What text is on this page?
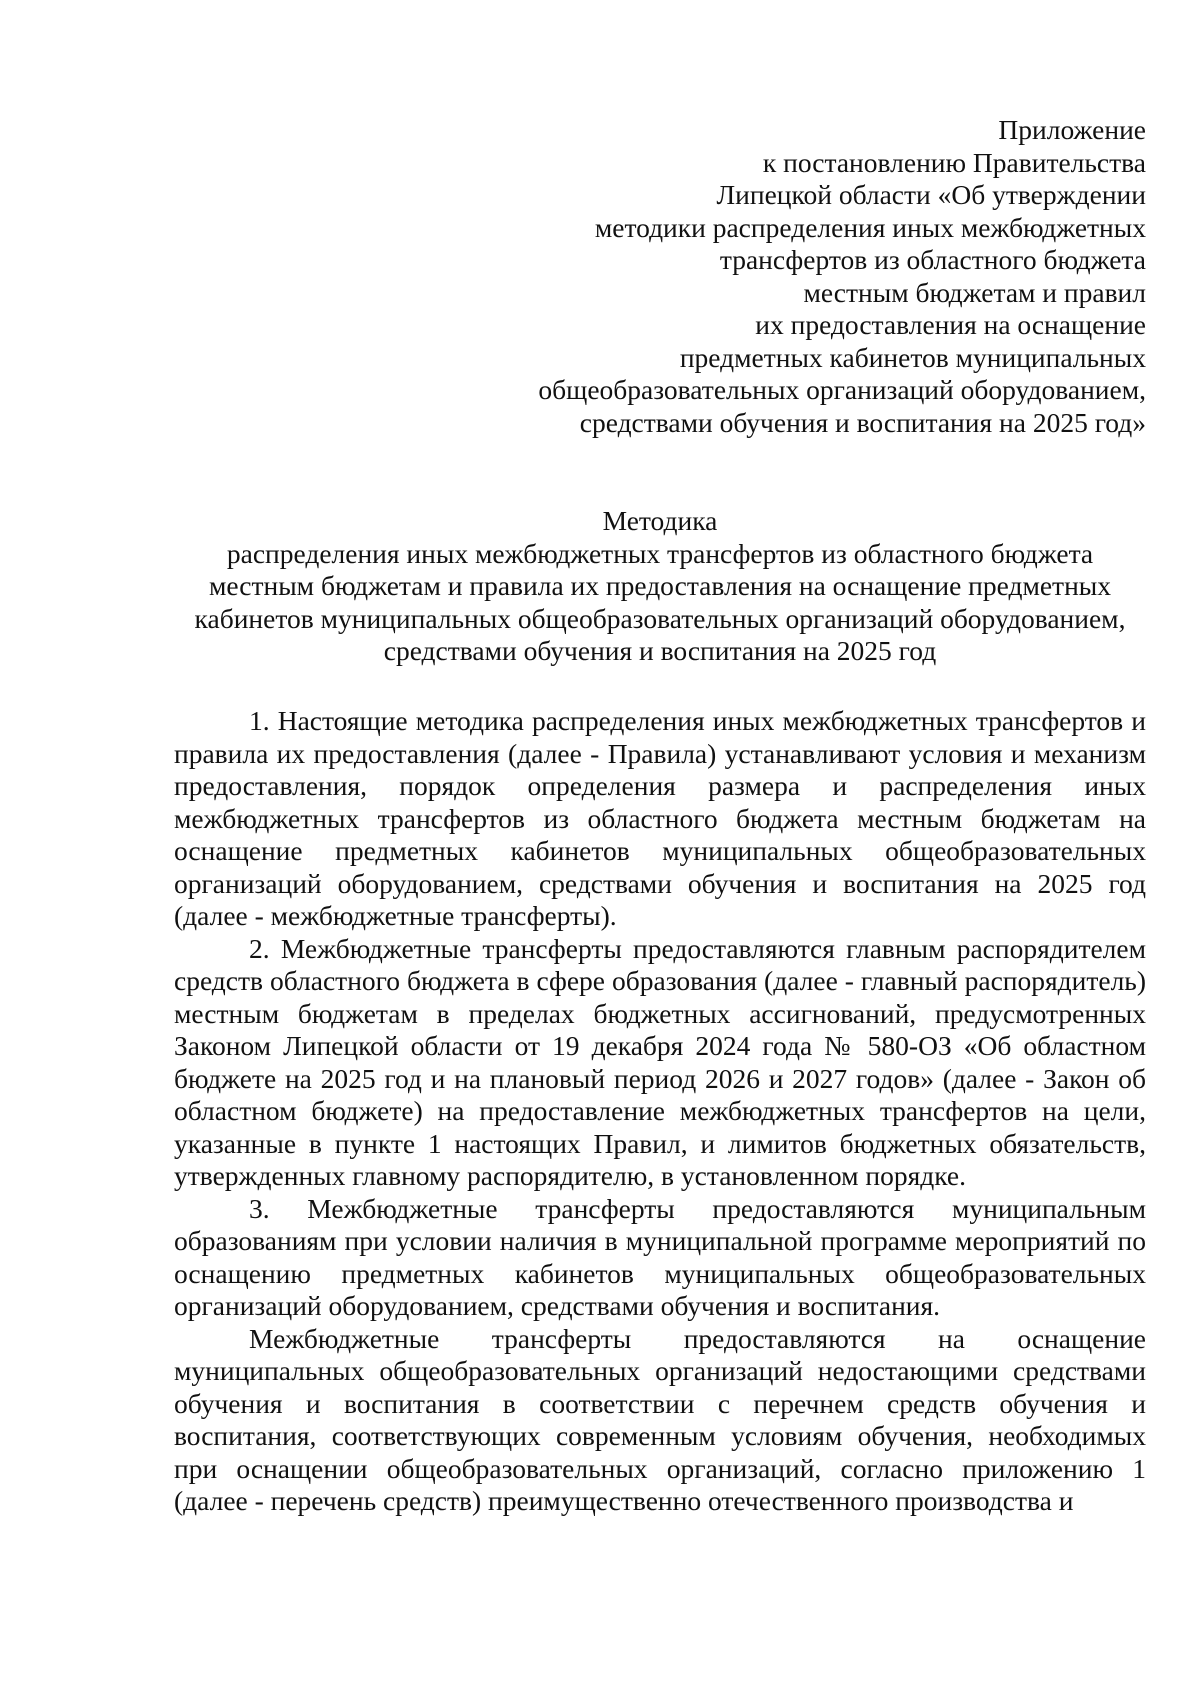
Приложение
к постановлению Правительства
Липецкой области «Об утверждении
методики распределения иных межбюджетных
трансфертов из областного бюджета
местным бюджетам и правил
их предоставления на оснащение
предметных кабинетов муниципальных
общеобразовательных организаций оборудованием,
средствами обучения и воспитания на 2025 год»
Методика
распределения иных межбюджетных трансфертов из областного бюджета
местным бюджетам и правила их предоставления на оснащение предметных
кабинетов муниципальных общеобразовательных организаций оборудованием,
средствами обучения и воспитания на 2025 год

1. Настоящие методика распределения иных межбюджетных трансфертов и правила их предоставления (далее - Правила) устанавливают условия и механизм предоставления, порядок определения размера и распределения иных межбюджетных трансфертов из областного бюджета местным бюджетам на оснащение предметных кабинетов муниципальных общеобразовательных организаций оборудованием, средствами обучения и воспитания на 2025 год (далее - межбюджетные трансферты).

2. Межбюджетные трансферты предоставляются главным распорядителем средств областного бюджета в сфере образования (далее - главный распорядитель) местным бюджетам в пределах бюджетных ассигнований, предусмотренных Законом Липецкой области от 19 декабря 2024 года № 580-ОЗ «Об областном бюджете на 2025 год и на плановый период 2026 и 2027 годов» (далее - Закон об областном бюджете) на предоставление межбюджетных трансфертов на цели, указанные в пункте 1 настоящих Правил, и лимитов бюджетных обязательств, утвержденных главному распорядителю, в установленном порядке.

3. Межбюджетные трансферты предоставляются муниципальным образованиям при условии наличия в муниципальной программе мероприятий по оснащению предметных кабинетов муниципальных общеобразовательных организаций оборудованием, средствами обучения и воспитания.

Межбюджетные трансферты предоставляются на оснащение муниципальных общеобразовательных организаций недостающими средствами обучения и воспитания в соответствии с перечнем средств обучения и воспитания, соответствующих современным условиям обучения, необходимых при оснащении общеобразовательных организаций, согласно приложению 1 (далее - перечень средств) преимущественно отечественного производства и
